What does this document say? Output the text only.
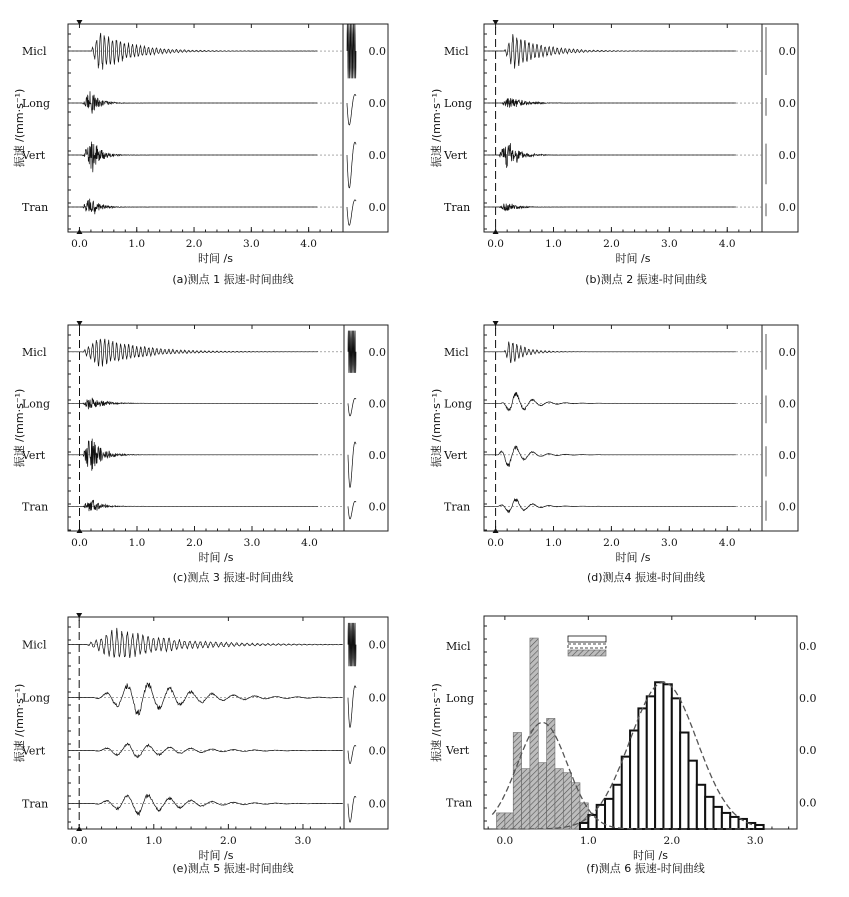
0.0	1.0	2.0	3.0	4.0
时间 /s
振速 /(mm·s⁻¹)
(a)测点 1 振速-时间曲线
Micl	0.0
Long	0.0
Vert	0.0
Tran	0.0
0.0	1.0	2.0	3.0	4.0
时间 /s
振速 /(mm·s⁻¹)
(b)测点 2 振速-时间曲线
Micl	0.0
Long	0.0
Vert	0.0
Tran	0.0
0.0	1.0	2.0	3.0	4.0
时间 /s
振速 /(mm·s⁻¹)
(c)测点 3 振速-时间曲线
Micl	0.0
Long	0.0
Vert	0.0
Tran	0.0
0.0	1.0	2.0	3.0	4.0
时间 /s
振速 /(mm·s⁻¹)
(d)测点4 振速-时间曲线
Micl	0.0
Long	0.0
Vert	0.0
Tran	0.0
0.0	1.0	2.0	3.0
时间 /s
振速 /(mm·s⁻¹)
(e)测点 5 振速-时间曲线
Micl	0.0
Long	0.0
Vert	0.0
Tran	0.0
0.0	1.0	2.0	3.0
时间 /s
振速 /(mm·s⁻¹)
(f)测点 6 振速-时间曲线
Micl	0.0
Long	0.0
Vert	0.0
Tran	0.0
